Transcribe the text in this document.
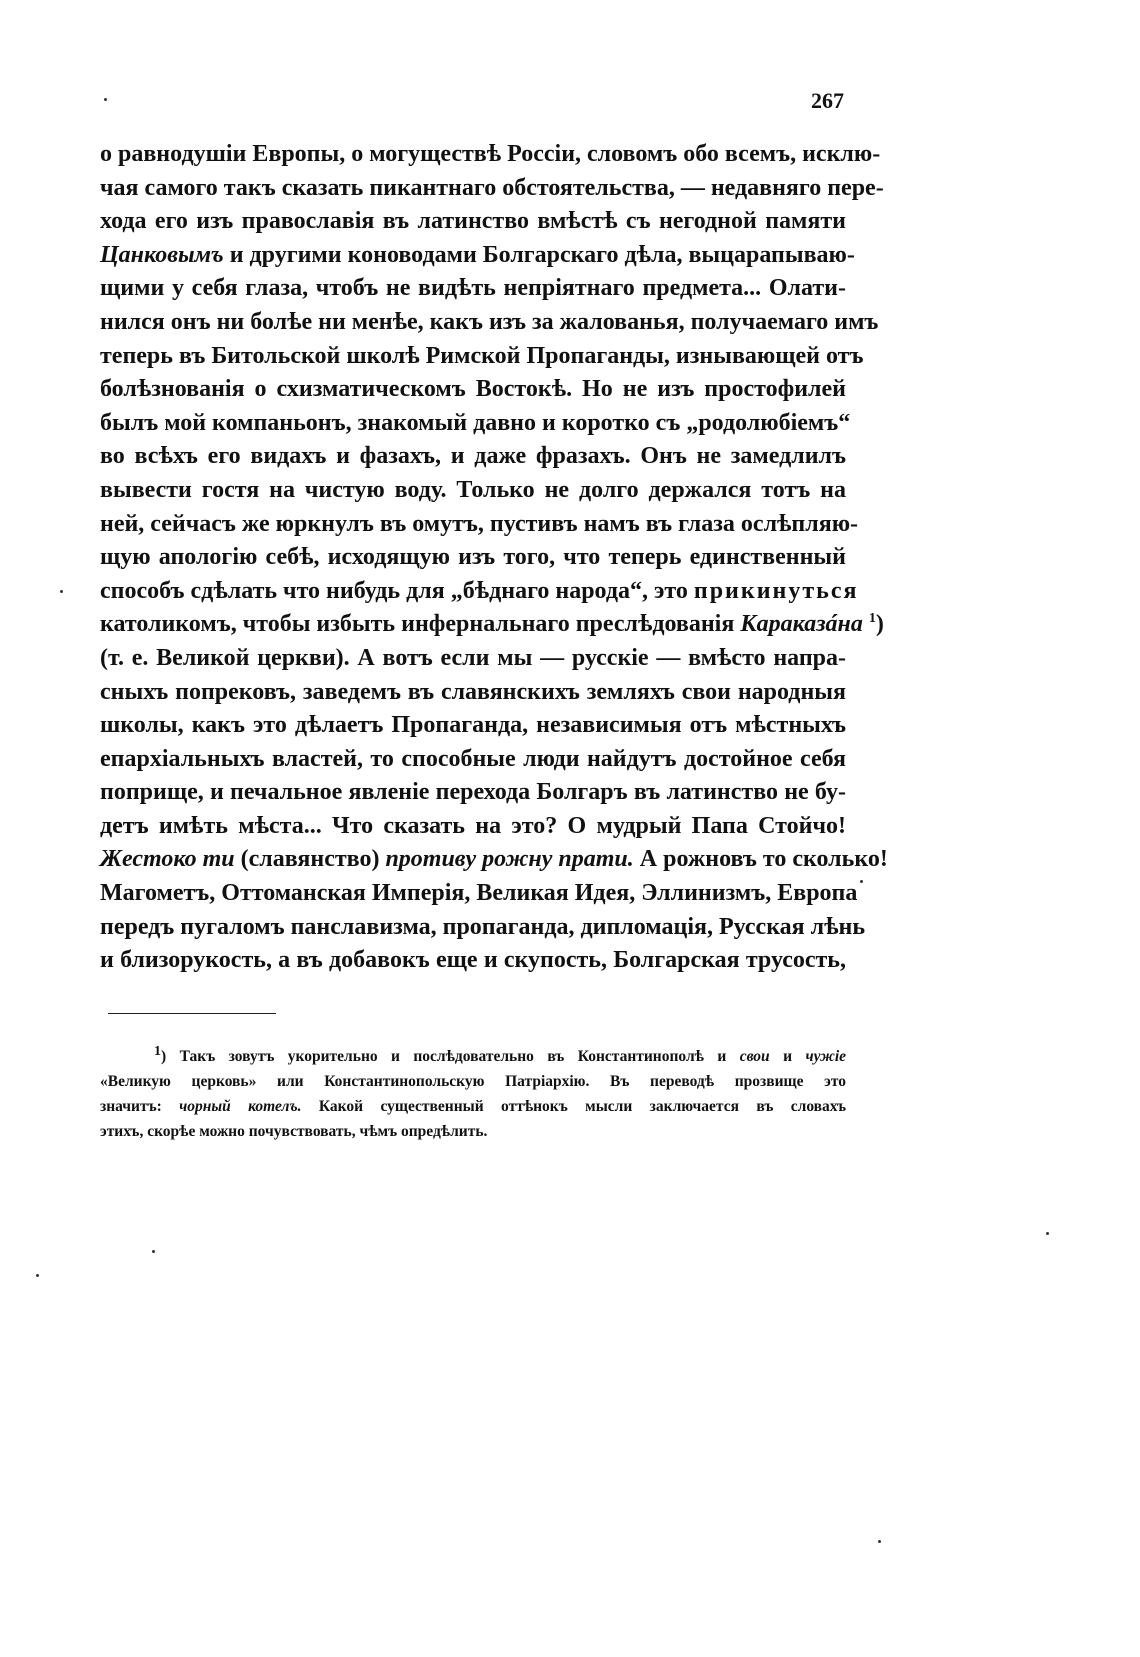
267
о равнодушіи Европы, о могуществѣ Россіи, словомъ обо всемъ, исклю-
чая самого такъ сказать пикантнаго обстоятельства, — недавняго пере-
хода его изъ православія въ латинство вмѣстѣ съ негодной памяти
Цанковымъ и другими коноводами Болгарскаго дѣла, выцарапываю-
щими у себя глаза, чтобъ не видѣть непріятнаго предмета... Олати-
нился онъ ни болѣе ни менѣе, какъ изъ за жалованья, получаемаго имъ
теперь въ Битольской школѣ Римской Пропаганды, изнывающей отъ
болѣзнованія о схизматическомъ Востокѣ. Но не изъ простофилей
былъ мой компаньонъ, знакомый давно и коротко съ „родолюбіемъ“
во всѣхъ его видахъ и фазахъ, и даже фразахъ. Онъ не замедлилъ
вывести гостя на чистую воду. Только не долго держался тотъ на
ней, сейчасъ же юркнулъ въ омутъ, пустивъ намъ въ глаза ослѣпляю-
щую апологію себѣ, исходящую изъ того, что теперь единственный
способъ сдѣлать что нибудь для „бѣднаго народа“, это прикинуться
католикомъ, чтобы избыть инфернальнаго преслѣдованія Караказáна $^1$)
(т. е. Великой церкви). А вотъ если мы — русскіе — вмѣсто напра-
сныхъ попрековъ, заведемъ въ славянскихъ земляхъ свои народныя
школы, какъ это дѣлаетъ Пропаганда, независимыя отъ мѣстныхъ
епархіальныхъ властей, то способные люди найдутъ достойное себя
поприще, и печальное явленіе перехода Болгаръ въ латинство не бу-
детъ имѣть мѣста... Что сказать на это? О мудрый Папа Стойчо!
Жестоко ти (славянство) противу рожну прати. А рожновъ то сколько!
Магометъ, Оттоманская Имперія, Великая Идея, Эллинизмъ, Европа
передъ пугаломъ панславизма, пропаганда, дипломація, Русская лѣнь
и близорукость, а въ добавокъ еще и скупость, Болгарская трусость,
1) Такъ зовутъ укорительно и послѣдовательно въ Константинополѣ и свои и чужіе
«Великую церковь» или Константинопольскую Патріархію. Въ переводѣ прозвище это
значитъ: чорный котелъ. Какой существенный оттѣнокъ мысли заключается въ словахъ
этихъ, скорѣе можно почувствовать, чѣмъ опредѣлить.
